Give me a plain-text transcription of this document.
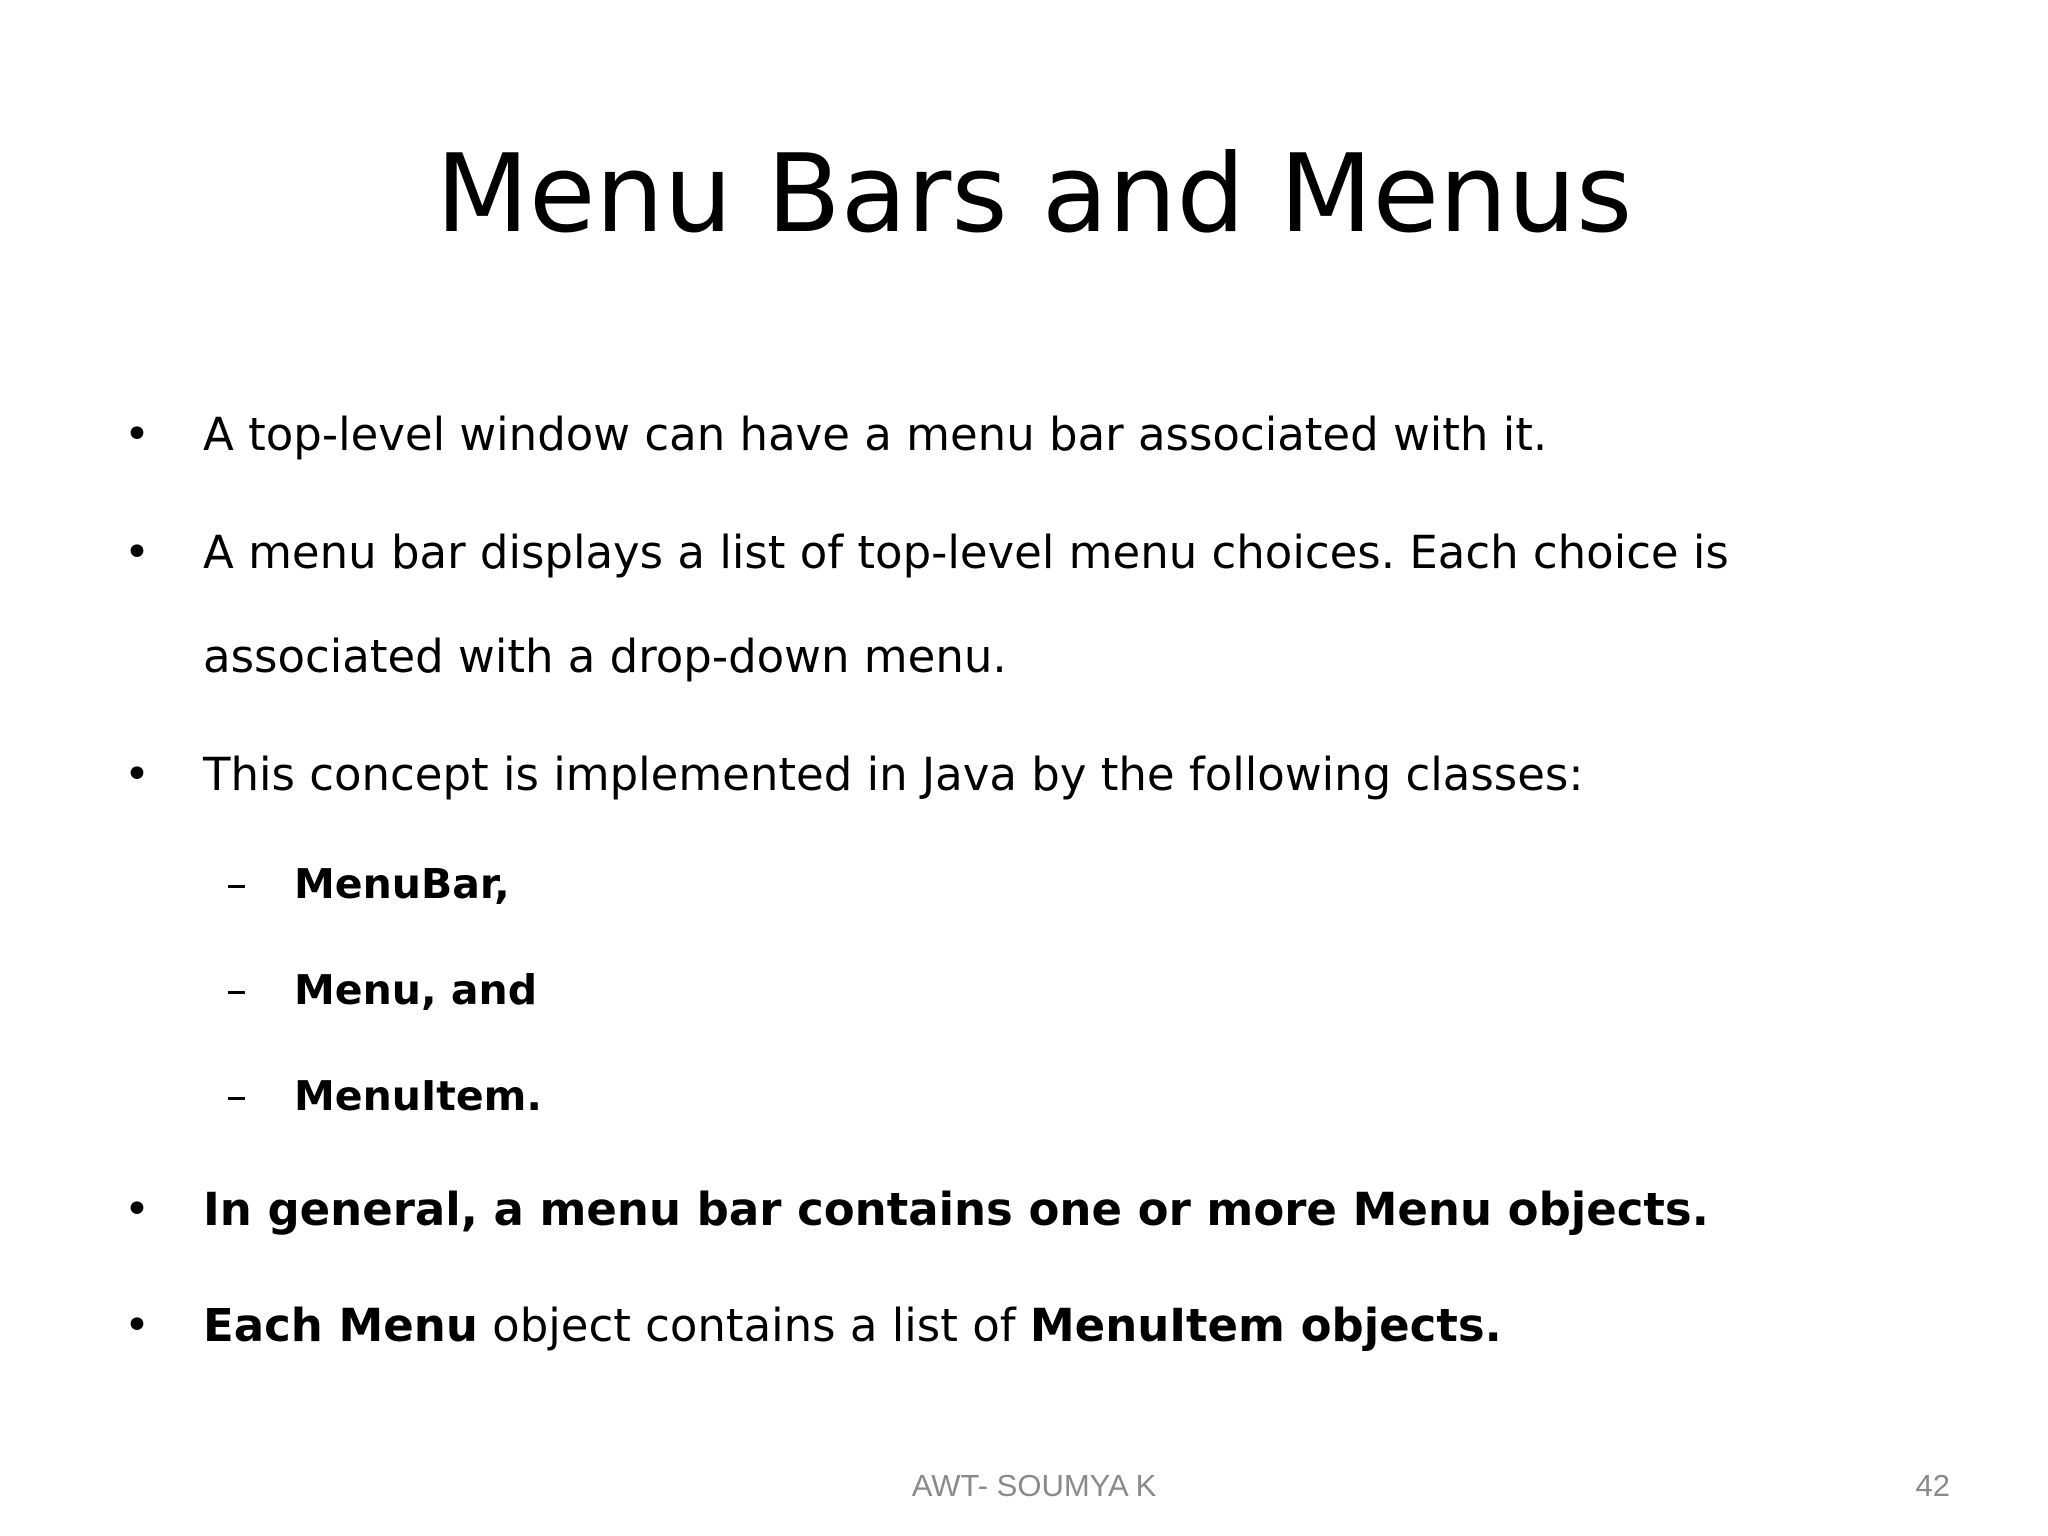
Menu Bars and Menus
• A top-level window can have a menu bar associated with it.
• A menu bar displays a list of top-level menu choices. Each choice is
associated with a drop-down menu.
• This concept is implemented in Java by the following classes:
– MenuBar,
– Menu, and
– MenuItem.
• In general, a menu bar contains one or more Menu objects.
• Each Menu object contains a list of MenuItem objects.
AWT- SOUMYA K	42
